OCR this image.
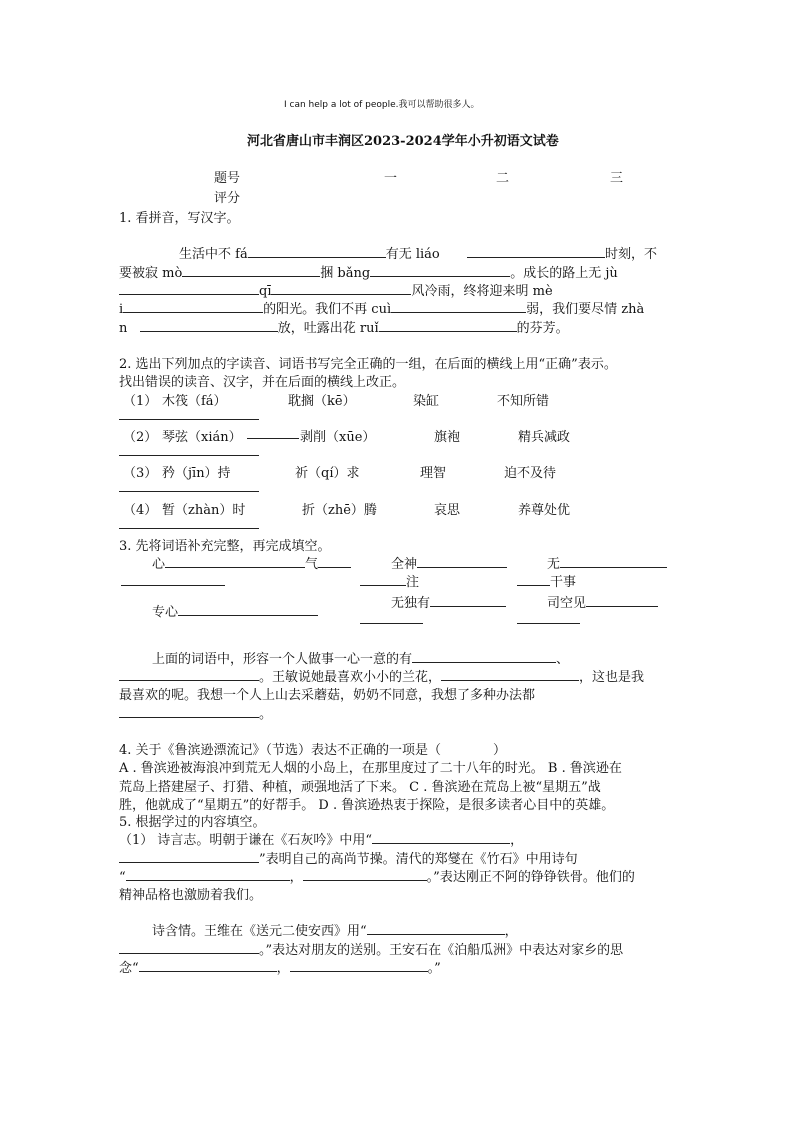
I can help a lot of people.我可以帮助很多人。
河北省唐山市丰润区2023-2024学年小升初语文试卷
题号	一	二	三
评分
1. 看拼音，写汉字。
生活中不 fá	有无 liáo	时刻，不
要被寂 mò	捆 bǎng	。成长的路上无 jù
qī	风冷雨，终将迎来明 mè
i	的阳光。我们不再 cuì	弱，我们要尽情 zhà
n	放，吐露出花 ruǐ	的芬芳。
2. 选出下列加点的字读音、词语书写完全正确的一组，在后面的横线上用“正确”表示。
找出错误的读音、汉字，并在后面的横线上改正。
（1） 木筏（fá）	耽搁（kē）	染缸	不知所错
（2） 琴弦（xián）	剥削（xūe）	旗袍	精兵减政
（3） 矜（jīn）持	祈（qí）求	理智	迫不及待
（4） 暂（zhàn）时	折（zhē）腾	哀思	养尊处优
3. 先将词语补充完整，再完成填空。
心	气	全神	无
注	干事
专心
无独有	司空见
上面的词语中，形容一个人做事一心一意的有	、
。王敏说她最喜欢小小的兰花，	，这也是我
最喜欢的呢。我想一个人上山去采蘑菇，奶奶不同意，我想了多种办法都
。
4. 关于《鲁滨逊漂流记》（节选）表达不正确的一项是（　　　　）
A . 鲁滨逊被海浪冲到荒无人烟的小岛上，在那里度过了二十八年的时光。 B . 鲁滨逊在
荒岛上搭建屋子、打猎、种植，顽强地活了下来。 C . 鲁滨逊在荒岛上被“星期五”战
胜，他就成了“星期五”的好帮手。 D . 鲁滨逊热衷于探险，是很多读者心目中的英雄。
5. 根据学过的内容填空。
（1） 诗言志。明朝于谦在《石灰吟》中用“	，
”表明自己的高尚节操。清代的郑燮在《竹石》中用诗句
“	，	。”表达刚正不阿的铮铮铁骨。他们的
精神品格也激励着我们。
诗含情。王维在《送元二使安西》用“	，
。”表达对朋友的送别。王安石在《泊船瓜洲》中表达对家乡的思
念“	，	。”
